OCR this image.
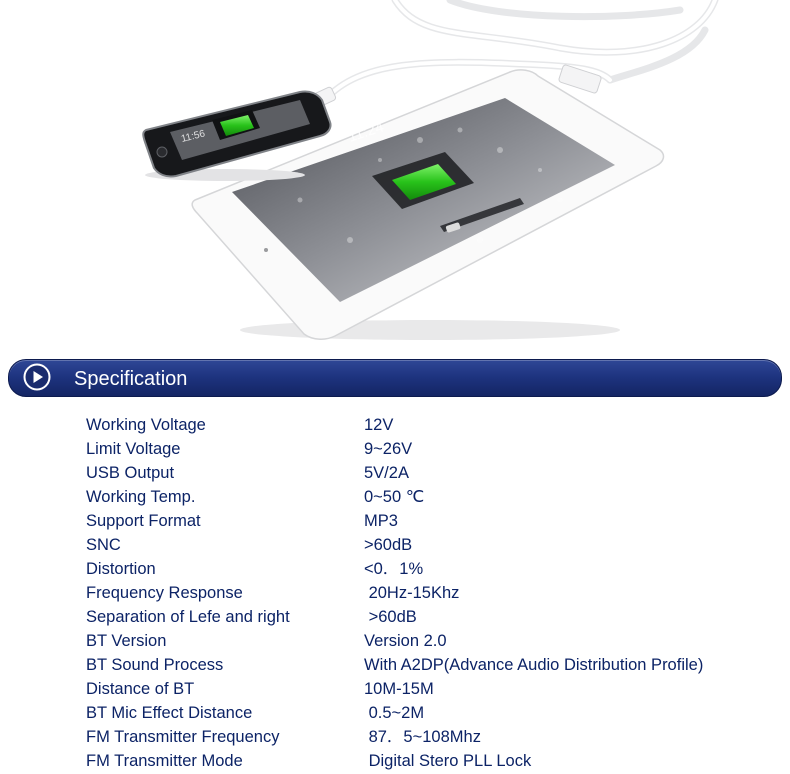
11:24
11:56
Specification
Working Voltage	12V
Limit Voltage	9~26V
USB Output	5V/2A
Working Temp.	0~50 ℃
Support Format	MP3
SNC	>60dB
Distortion	<0．1%
Frequency Response	20Hz-15Khz
Separation of Lefe and right	>60dB
BT Version	Version 2.0
BT Sound Process	With A2DP(Advance Audio Distribution Profile)
Distance of BT	10M-15M
BT Mic Effect Distance	0.5~2M
FM Transmitter Frequency	87．5~108Mhz
FM Transmitter Mode	Digital Stero PLL Lock
